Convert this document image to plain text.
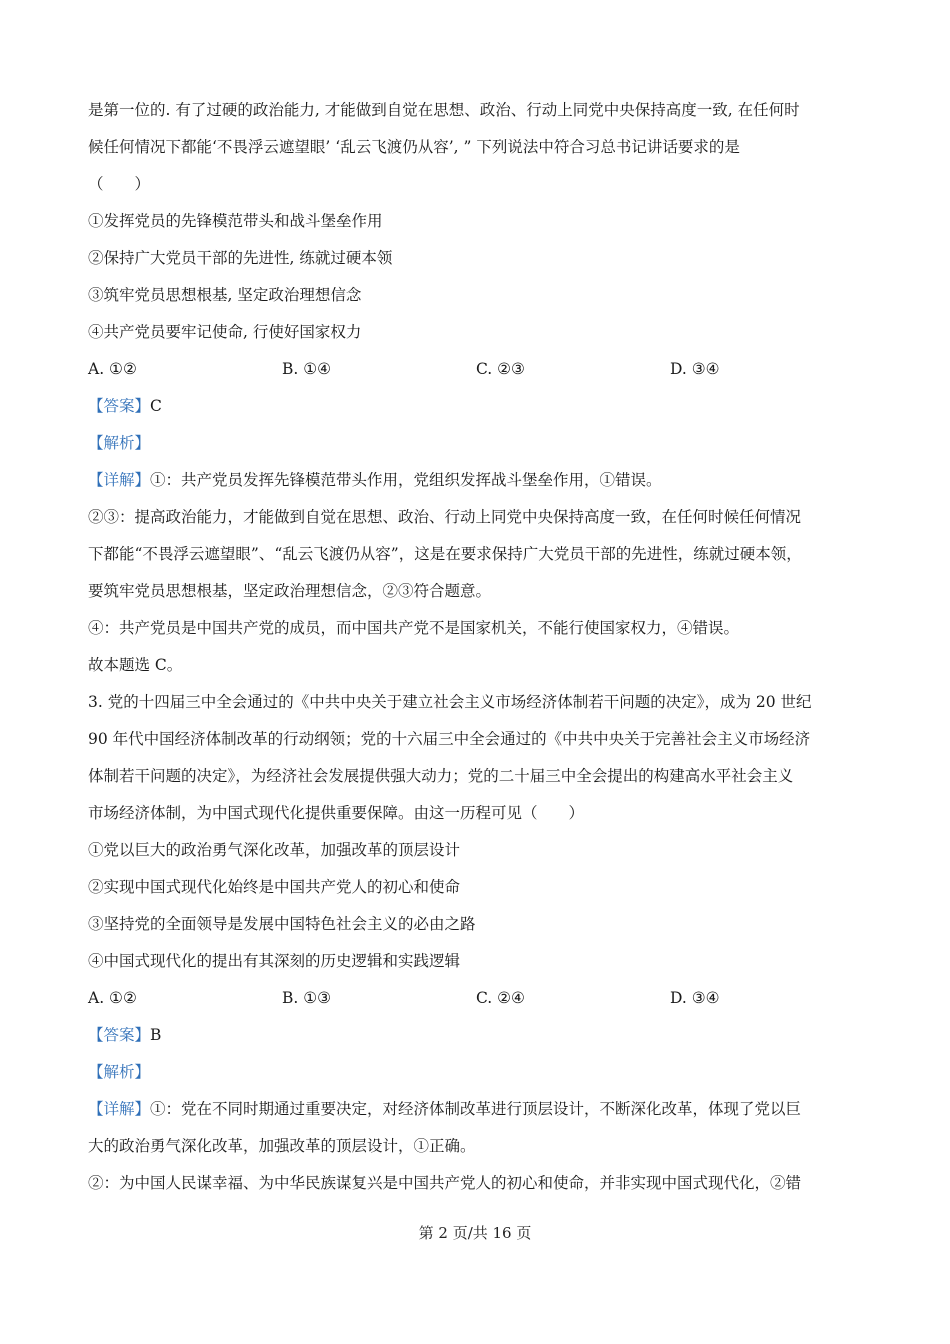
是第一位的. 有了过硬的政治能力, 才能做到自觉在思想、政治、行动上同党中央保持高度一致, 在任何时
候任何情况下都能‘不畏浮云遮望眼’ ‘乱云飞渡仍从容’, ” 下列说法中符合习总书记讲话要求的是
（　　）
①发挥党员的先锋模范带头和战斗堡垒作用
②保持广大党员干部的先进性, 练就过硬本领
③筑牢党员思想根基, 坚定政治理想信念
④共产党员要牢记使命, 行使好国家权力
A. ①②	B. ①④	C. ②③	D. ③④
【答案】C
【解析】
【详解】①：共产党员发挥先锋模范带头作用，党组织发挥战斗堡垒作用，①错误。
②③：提高政治能力，才能做到自觉在思想、政治、行动上同党中央保持高度一致，在任何时候任何情况
下都能“不畏浮云遮望眼”、“乱云飞渡仍从容”，这是在要求保持广大党员干部的先进性，练就过硬本领，
要筑牢党员思想根基，坚定政治理想信念，②③符合题意。
④：共产党员是中国共产党的成员，而中国共产党不是国家机关，不能行使国家权力，④错误。
故本题选 C。
3. 党的十四届三中全会通过的《中共中央关于建立社会主义市场经济体制若干问题的决定》，成为 20 世纪
90 年代中国经济体制改革的行动纲领；党的十六届三中全会通过的《中共中央关于完善社会主义市场经济
体制若干问题的决定》，为经济社会发展提供强大动力；党的二十届三中全会提出的构建高水平社会主义
市场经济体制，为中国式现代化提供重要保障。由这一历程可见（　　）
①党以巨大的政治勇气深化改革，加强改革的顶层设计
②实现中国式现代化始终是中国共产党人的初心和使命
③坚持党的全面领导是发展中国特色社会主义的必由之路
④中国式现代化的提出有其深刻的历史逻辑和实践逻辑
A. ①②	B. ①③	C. ②④	D. ③④
【答案】B
【解析】
【详解】①：党在不同时期通过重要决定，对经济体制改革进行顶层设计，不断深化改革，体现了党以巨
大的政治勇气深化改革，加强改革的顶层设计，①正确。
②：为中国人民谋幸福、为中华民族谋复兴是中国共产党人的初心和使命，并非实现中国式现代化，②错
第 2 页/共 16 页
